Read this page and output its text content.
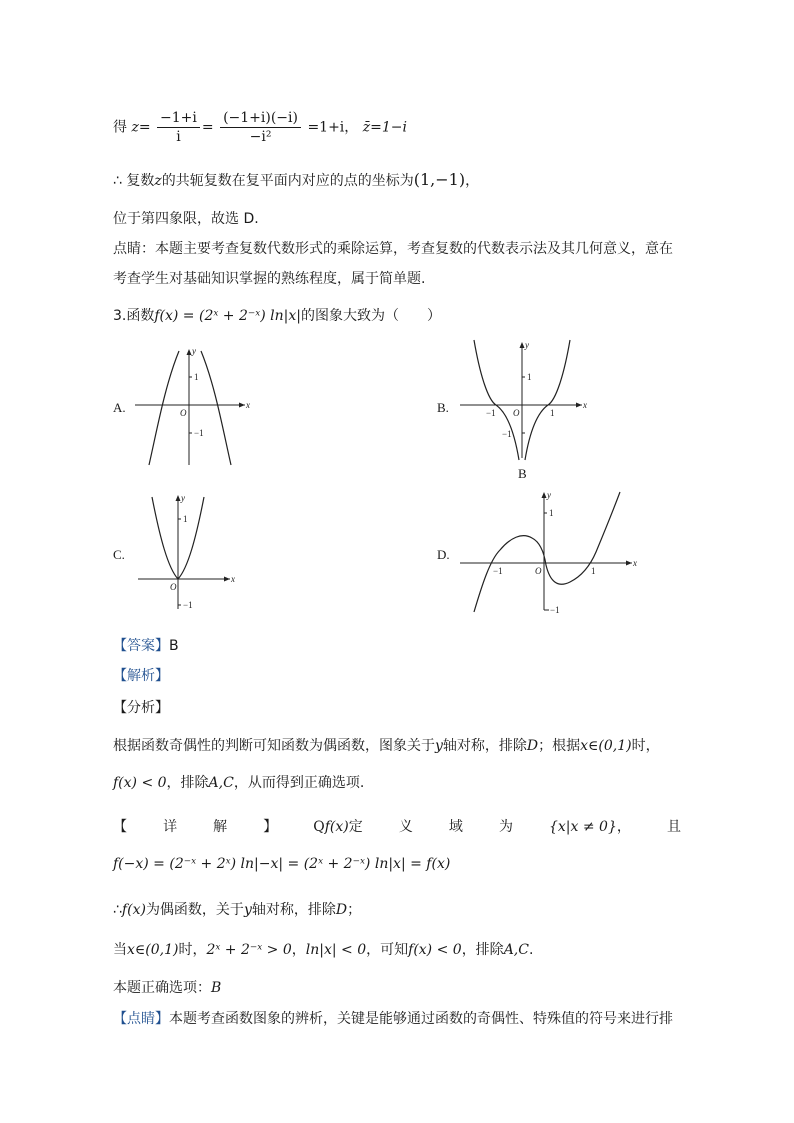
得 $z= \frac{-1+i}{i} = \frac{(-1+i)(-i)}{\text{−i²}} =1+i$， z̄=1−i
∴ 复数z的共轭复数在复平面内对应的点的坐标为(1,−1)，
位于第四象限，故选 D.
点睛：本题主要考查复数代数形式的乘除运算，考查复数的代数表示法及其几何意义，意在
考查学生对基础知识掌握的熟练程度，属于简单题.
3.函数f(x) = (2ˣ + 2⁻ˣ) ln|x|的图象大致为（　　）
A.
1
−1
O
x
y
B.
1
−1
1
−1 O
x
y
B
C.
1
−1
O
x
y
D.
1
−1
1
−1	O
x
y
【答案】B
【解析】
【分析】
根据函数奇偶性的判断可知函数为偶函数，图象关于y轴对称，排除D；根据x∈(0,1)时，
f(x) < 0，排除A,C，从而得到正确选项.
【	详	解	】	Qf(x)定	义	域	为	{x|x ≠ 0}，	且
f(−x) = (2⁻ˣ + 2ˣ) ln|−x| = (2ˣ + 2⁻ˣ) ln|x| = f(x)
∴f(x)为偶函数，关于y轴对称，排除D；
当x∈(0,1)时，2ˣ + 2⁻ˣ > 0，ln|x| < 0，可知f(x) < 0，排除A,C.
本题正确选项：B
【点睛】本题考查函数图象的辨析，关键是能够通过函数的奇偶性、特殊值的符号来进行排
